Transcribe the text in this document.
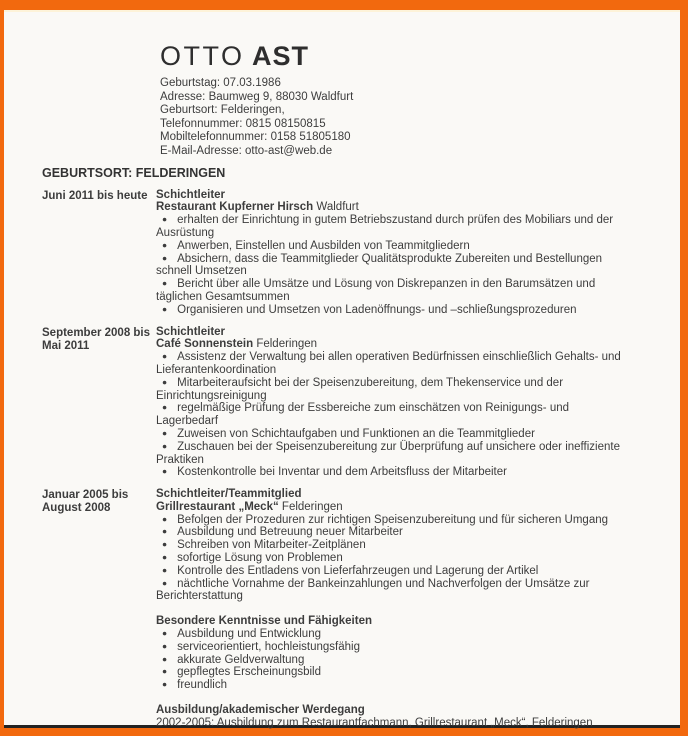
OTTO AST
Geburtstag: 07.03.1986
Adresse: Baumweg 9, 88030 Waldfurt
Geburtsort: Felderingen,
Telefonnummer: 0815 08150815
Mobiltelefonnummer: 0158 51805180
E-Mail-Adresse: otto-ast@web.de
GEBURTSORT: FELDERINGEN
Juni 2011 bis heute Schichtleiter
Restaurant Kupferner Hirsch Waldfurt
● erhalten der Einrichtung in gutem Betriebszustand durch prüfen des Mobiliars und der Ausrüstung
● Anwerben, Einstellen und Ausbilden von Teammitgliedern
● Absichern, dass die Teammitglieder Qualitätsprodukte Zubereiten und Bestellungen schnell Umsetzen
● Bericht über alle Umsätze und Lösung von Diskrepanzen in den Barumsätzen und täglichen Gesamtsummen
● Organisieren und Umsetzen von Ladenöffnungs- und –schließungsprozeduren
September 2008 bis Mai 2011
Schichtleiter
Café Sonnenstein Felderingen
● Assistenz der Verwaltung bei allen operativen Bedürfnissen einschließlich Gehalts- und Lieferantenkoordination
● Mitarbeiteraufsicht bei der Speisenzubereitung, dem Thekenservice und der Einrichtungsreinigung
● regelmäßige Prüfung der Essbereiche zum einschätzen von Reinigungs- und Lagerbedarf
● Zuweisen von Schichtaufgaben und Funktionen an die Teammitglieder
● Zuschauen bei der Speisenzubereitung zur Überprüfung auf unsichere oder ineffiziente Praktiken
● Kostenkontrolle bei Inventar und dem Arbeitsfluss der Mitarbeiter
Januar 2005 bis August 2008
Schichtleiter/Teammitglied
Grillrestaurant „Meck“ Felderingen
● Befolgen der Prozeduren zur richtigen Speisenzubereitung und für sicheren Umgang
● Ausbildung und Betreuung neuer Mitarbeiter
● Schreiben von Mitarbeiter-Zeitplänen
● sofortige Lösung von Problemen
● Kontrolle des Entladens von Lieferfahrzeugen und Lagerung der Artikel
● nächtliche Vornahme der Bankeinzahlungen und Nachverfolgen der Umsätze zur Berichterstattung
Besondere Kenntnisse und Fähigkeiten
● Ausbildung und Entwicklung
● serviceorientiert, hochleistungsfähig
● akkurate Geldverwaltung
● gepflegtes Erscheinungsbild
● freundlich
Ausbildung/akademischer Werdegang
2002-2005: Ausbildung zum Restaurantfachmann, Grillrestaurant „Meck“, Felderingen
